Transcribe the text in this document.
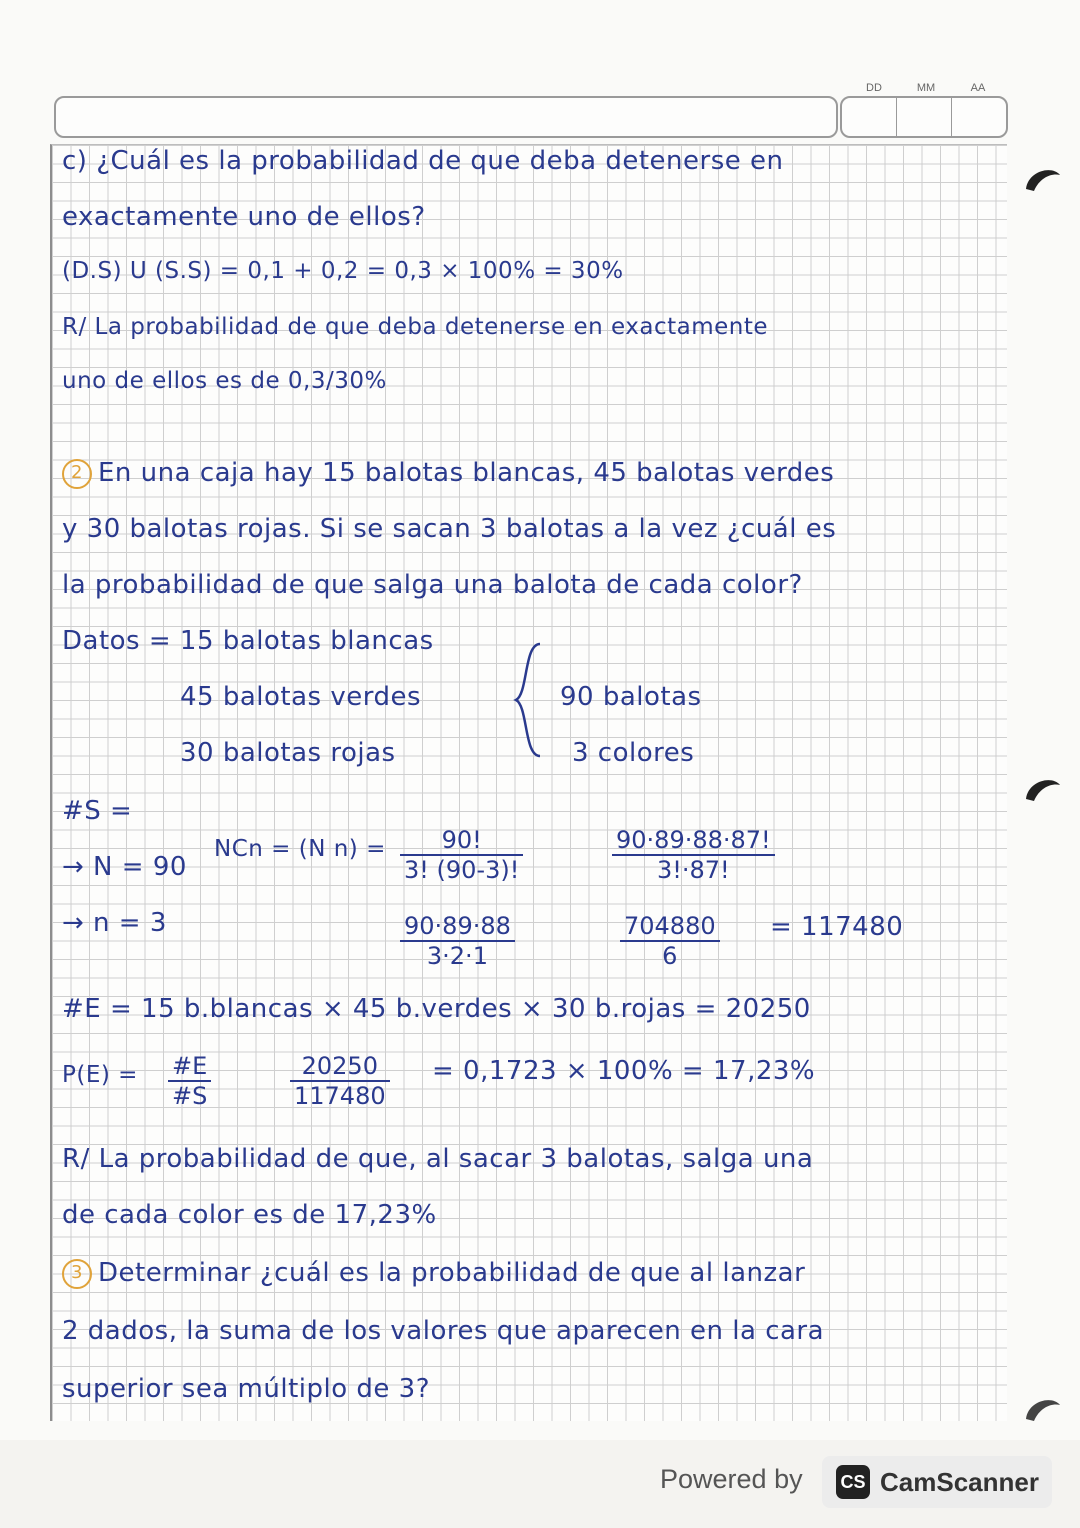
DD	MM	AA

c) ¿Cuál es la probabilidad de que deba detenerse en

exactamente uno de ellos?

(D.S) U (S.S) = 0,1 + 0,2 = 0,3 × 100% = 30%

R/ La probabilidad de que deba detenerse en exactamente

uno de ellos es de 0,3/30%

2 En una caja hay 15 balotas blancas, 45 balotas verdes

y 30 balotas rojas. Si se sacan 3 balotas a la vez ¿cuál es

la probabilidad de que salga una balota de cada color?

Datos = 15 balotas blancas

45 balotas verdes

30 balotas rojas

90 balotas

3 colores

#S =

→ N = 90

→ n = 3

NCn = (N $n) = \frac{90!}{3! (90-3)!}$	$\frac{90\cdot 89\cdot 88\cdot 87!}{3!\cdot 87!}$
$\frac{90\cdot 89\cdot 88}{3\cdot 2\cdot 1}$	$\frac{704880}{6} = 117480$

#E = 15 b.blancas × 45 b.verdes × 30 b.rojas = 20250

$P(E) = \frac{\#E}{\#S}$	$\frac{20250}{117480} = 0,1723 \times 100\% = 17,23\%$

R/ La probabilidad de que, al sacar 3 balotas, salga una

de cada color es de 17,23%

3 Determinar ¿cuál es la probabilidad de que al lanzar

2 dados, la suma de los valores que aparecen en la cara

superior sea múltiplo de 3?

Powered by CS CamScanner
